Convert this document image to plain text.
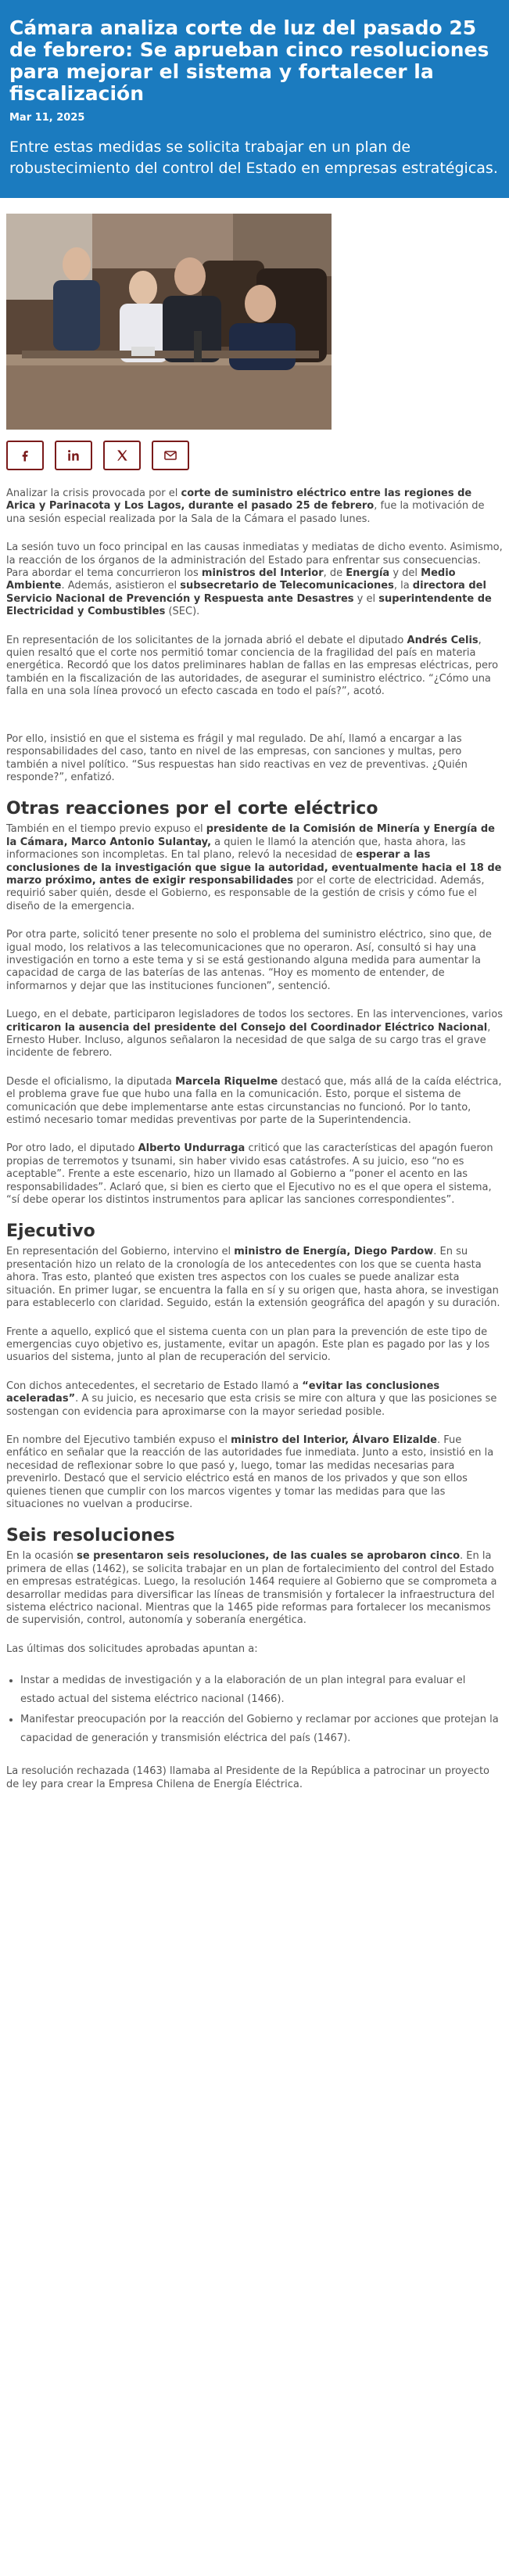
Cámara analiza corte de luz del pasado 25 de febrero: Se aprueban cinco resoluciones para mejorar el sistema y fortalecer la fiscalización
Mar 11, 2025

Entre estas medidas se solicita trabajar en un plan de robustecimiento del control del Estado en empresas estratégicas.

Analizar la crisis provocada por el corte de suministro eléctrico entre las regiones de Arica y Parinacota y Los Lagos, durante el pasado 25 de febrero, fue la motivación de una sesión especial realizada por la Sala de la Cámara el pasado lunes.

La sesión tuvo un foco principal en las causas inmediatas y mediatas de dicho evento. Asimismo, la reacción de los órganos de la administración del Estado para enfrentar sus consecuencias. Para abordar el tema concurrieron los ministros del Interior, de Energía y del Medio Ambiente. Además, asistieron el subsecretario de Telecomunicaciones, la directora del Servicio Nacional de Prevención y Respuesta ante Desastres y el superintendente de Electricidad y Combustibles (SEC).

En representación de los solicitantes de la jornada abrió el debate el diputado Andrés Celis, quien resaltó que el corte nos permitió tomar conciencia de la fragilidad del país en materia energética. Recordó que los datos preliminares hablan de fallas en las empresas eléctricas, pero también en la fiscalización de las autoridades, de asegurar el suministro eléctrico. “¿Cómo una falla en una sola línea provocó un efecto cascada en todo el país?”, acotó.

Por ello, insistió en que el sistema es frágil y mal regulado. De ahí, llamó a encargar a las responsabilidades del caso, tanto en nivel de las empresas, con sanciones y multas, pero también a nivel político. “Sus respuestas han sido reactivas en vez de preventivas. ¿Quién responde?”, enfatizó.

Otras reacciones por el corte eléctrico

También en el tiempo previo expuso el presidente de la Comisión de Minería y Energía de la Cámara, Marco Antonio Sulantay, a quien le llamó la atención que, hasta ahora, las informaciones son incompletas. En tal plano, relevó la necesidad de esperar a las conclusiones de la investigación que sigue la autoridad, eventualmente hacia el 18 de marzo próximo, antes de exigir responsabilidades por el corte de electricidad. Además, requirió saber quién, desde el Gobierno, es responsable de la gestión de crisis y cómo fue el diseño de la emergencia.

Por otra parte, solicitó tener presente no solo el problema del suministro eléctrico, sino que, de igual modo, los relativos a las telecomunicaciones que no operaron. Así, consultó si hay una investigación en torno a este tema y si se está gestionando alguna medida para aumentar la capacidad de carga de las baterías de las antenas. “Hoy es momento de entender, de informarnos y dejar que las instituciones funcionen”, sentenció.

Luego, en el debate, participaron legisladores de todos los sectores. En las intervenciones, varios criticaron la ausencia del presidente del Consejo del Coordinador Eléctrico Nacional, Ernesto Huber. Incluso, algunos señalaron la necesidad de que salga de su cargo tras el grave incidente de febrero.

Desde el oficialismo, la diputada Marcela Riquelme destacó que, más allá de la caída eléctrica, el problema grave fue que hubo una falla en la comunicación. Esto, porque el sistema de comunicación que debe implementarse ante estas circunstancias no funcionó. Por lo tanto, estimó necesario tomar medidas preventivas por parte de la Superintendencia.

Por otro lado, el diputado Alberto Undurraga criticó que las características del apagón fueron propias de terremotos y tsunami, sin haber vivido esas catástrofes. A su juicio, eso “no es aceptable”. Frente a este escenario, hizo un llamado al Gobierno a “poner el acento en las responsabilidades”. Aclaró que, si bien es cierto que el Ejecutivo no es el que opera el sistema, “sí debe operar los distintos instrumentos para aplicar las sanciones correspondientes”.

Ejecutivo

En representación del Gobierno, intervino el ministro de Energía, Diego Pardow. En su presentación hizo un relato de la cronología de los antecedentes con los que se cuenta hasta ahora. Tras esto, planteó que existen tres aspectos con los cuales se puede analizar esta situación. En primer lugar, se encuentra la falla en sí y su origen que, hasta ahora, se investigan para establecerlo con claridad. Seguido, están la extensión geográfica del apagón y su duración.

Frente a aquello, explicó que el sistema cuenta con un plan para la prevención de este tipo de emergencias cuyo objetivo es, justamente, evitar un apagón. Este plan es pagado por las y los usuarios del sistema, junto al plan de recuperación del servicio.

Con dichos antecedentes, el secretario de Estado llamó a “evitar las conclusiones aceleradas”. A su juicio, es necesario que esta crisis se mire con altura y que las posiciones se sostengan con evidencia para aproximarse con la mayor seriedad posible.

En nombre del Ejecutivo también expuso el ministro del Interior, Álvaro Elizalde. Fue enfático en señalar que la reacción de las autoridades fue inmediata. Junto a esto, insistió en la necesidad de reflexionar sobre lo que pasó y, luego, tomar las medidas necesarias para prevenirlo. Destacó que el servicio eléctrico está en manos de los privados y que son ellos quienes tienen que cumplir con los marcos vigentes y tomar las medidas para que las situaciones no vuelvan a producirse.

Seis resoluciones

En la ocasión se presentaron seis resoluciones, de las cuales se aprobaron cinco. En la primera de ellas (1462), se solicita trabajar en un plan de fortalecimiento del control del Estado en empresas estratégicas. Luego, la resolución 1464 requiere al Gobierno que se comprometa a desarrollar medidas para diversificar las líneas de transmisión y fortalecer la infraestructura del sistema eléctrico nacional. Mientras que la 1465 pide reformas para fortalecer los mecanismos de supervisión, control, autonomía y soberanía energética.

Las últimas dos solicitudes aprobadas apuntan a:

• Instar a medidas de investigación y a la elaboración de un plan integral para evaluar el estado actual del sistema eléctrico nacional (1466).
• Manifestar preocupación por la reacción del Gobierno y reclamar por acciones que protejan la capacidad de generación y transmisión eléctrica del país (1467).

La resolución rechazada (1463) llamaba al Presidente de la República a patrocinar un proyecto de ley para crear la Empresa Chilena de Energía Eléctrica.
